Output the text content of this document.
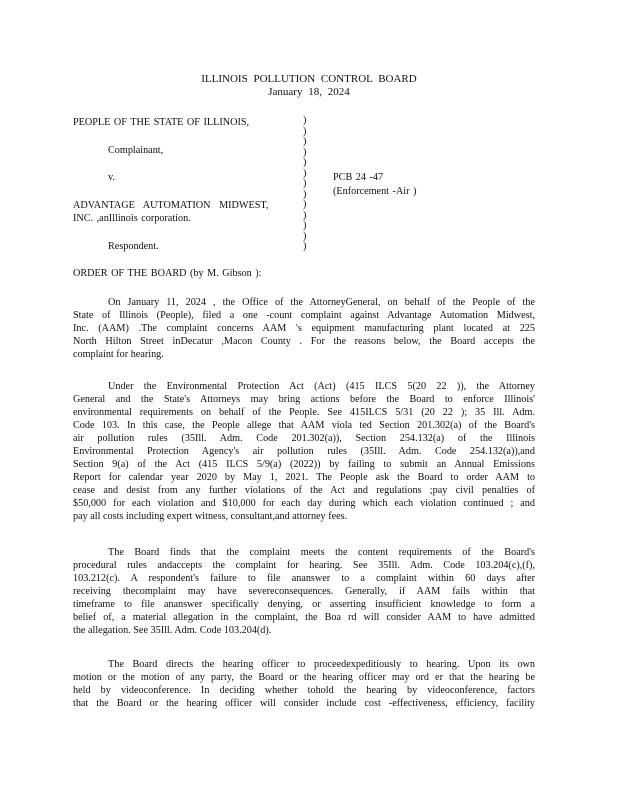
ILLINOIS POLLUTION CONTROL BOARD
January 18, 2024
PEOPLE OF THE STATE OF ILLINOIS,
Complainant,
v.	PCB 24 -47
(Enforcement -Air )
ADVANTAGE AUTOMATION MIDWEST,
INC. ,anIllinois corporation.
Respondent.
)
)
)
)
)
)
)
)
)
)
)
)
)
ORDER OF THE BOARD (by M. Gibson ):
On January 11, 2024 , the Office of the AttorneyGeneral, on behalf of the People of the
State of Illinois (People), filed a one -count complaint against Advantage Automation Midwest,
Inc. (AAM) .The complaint concerns AAM 's equipment manufacturing plant located at 225
North Hilton Street inDecatur ,Macon County . For the reasons below, the Board accepts the
complaint for hearing.
Under the Environmental Protection Act (Act) (415 ILCS 5(20 22 )), the Attorney
General and the State's Attorneys may bring actions before the Board to enforce Illinois'
environmental requirements on behalf of the People. See 415ILCS 5/31 (20 22 ); 35 Ill. Adm.
Code 103. In this case, the People allege that AAM viola ted Section 201.302(a) of the Board's
air pollution rules (35Ill. Adm. Code 201.302(a)), Section 254.132(a) of the Illinois
Environmental Protection Agency's air pollution rules (35Ill. Adm. Code 254.132(a)),and
Section 9(a) of the Act (415 ILCS 5/9(a) (2022)) by failing to submit an Annual Emissions
Report for calendar year 2020 by May 1, 2021. The People ask the Board to order AAM to
cease and desist from any further violations of the Act and regulations ;pay civil penalties of
$50,000 for each violation and $10,000 for each day during which each violation continued ; and
pay all costs including expert witness, consultant,and attorney fees.
The Board finds that the complaint meets the content requirements of the Board's
procedural rules andaccepts the complaint for hearing. See 35Ill. Adm. Code 103.204(c),(f),
103.212(c). A respondent's failure to file ananswer to a complaint within 60 days after
receiving thecomplaint may have severeconsequences. Generally, if AAM fails within that
timeframe to file ananswer specifically denying, or asserting insufficient knowledge to form a
belief of, a material allegation in the complaint, the Boa rd will consider AAM to have admitted
the allegation. See 35Ill. Adm. Code 103.204(d).
The Board directs the hearing officer to proceedexpeditiously to hearing. Upon its own
motion or the motion of any party, the Board or the hearing officer may ord er that the hearing be
held by videoconference. In deciding whether tohold the hearing by videoconference, factors
that the Board or the hearing officer will consider include cost -effectiveness, efficiency, facility
